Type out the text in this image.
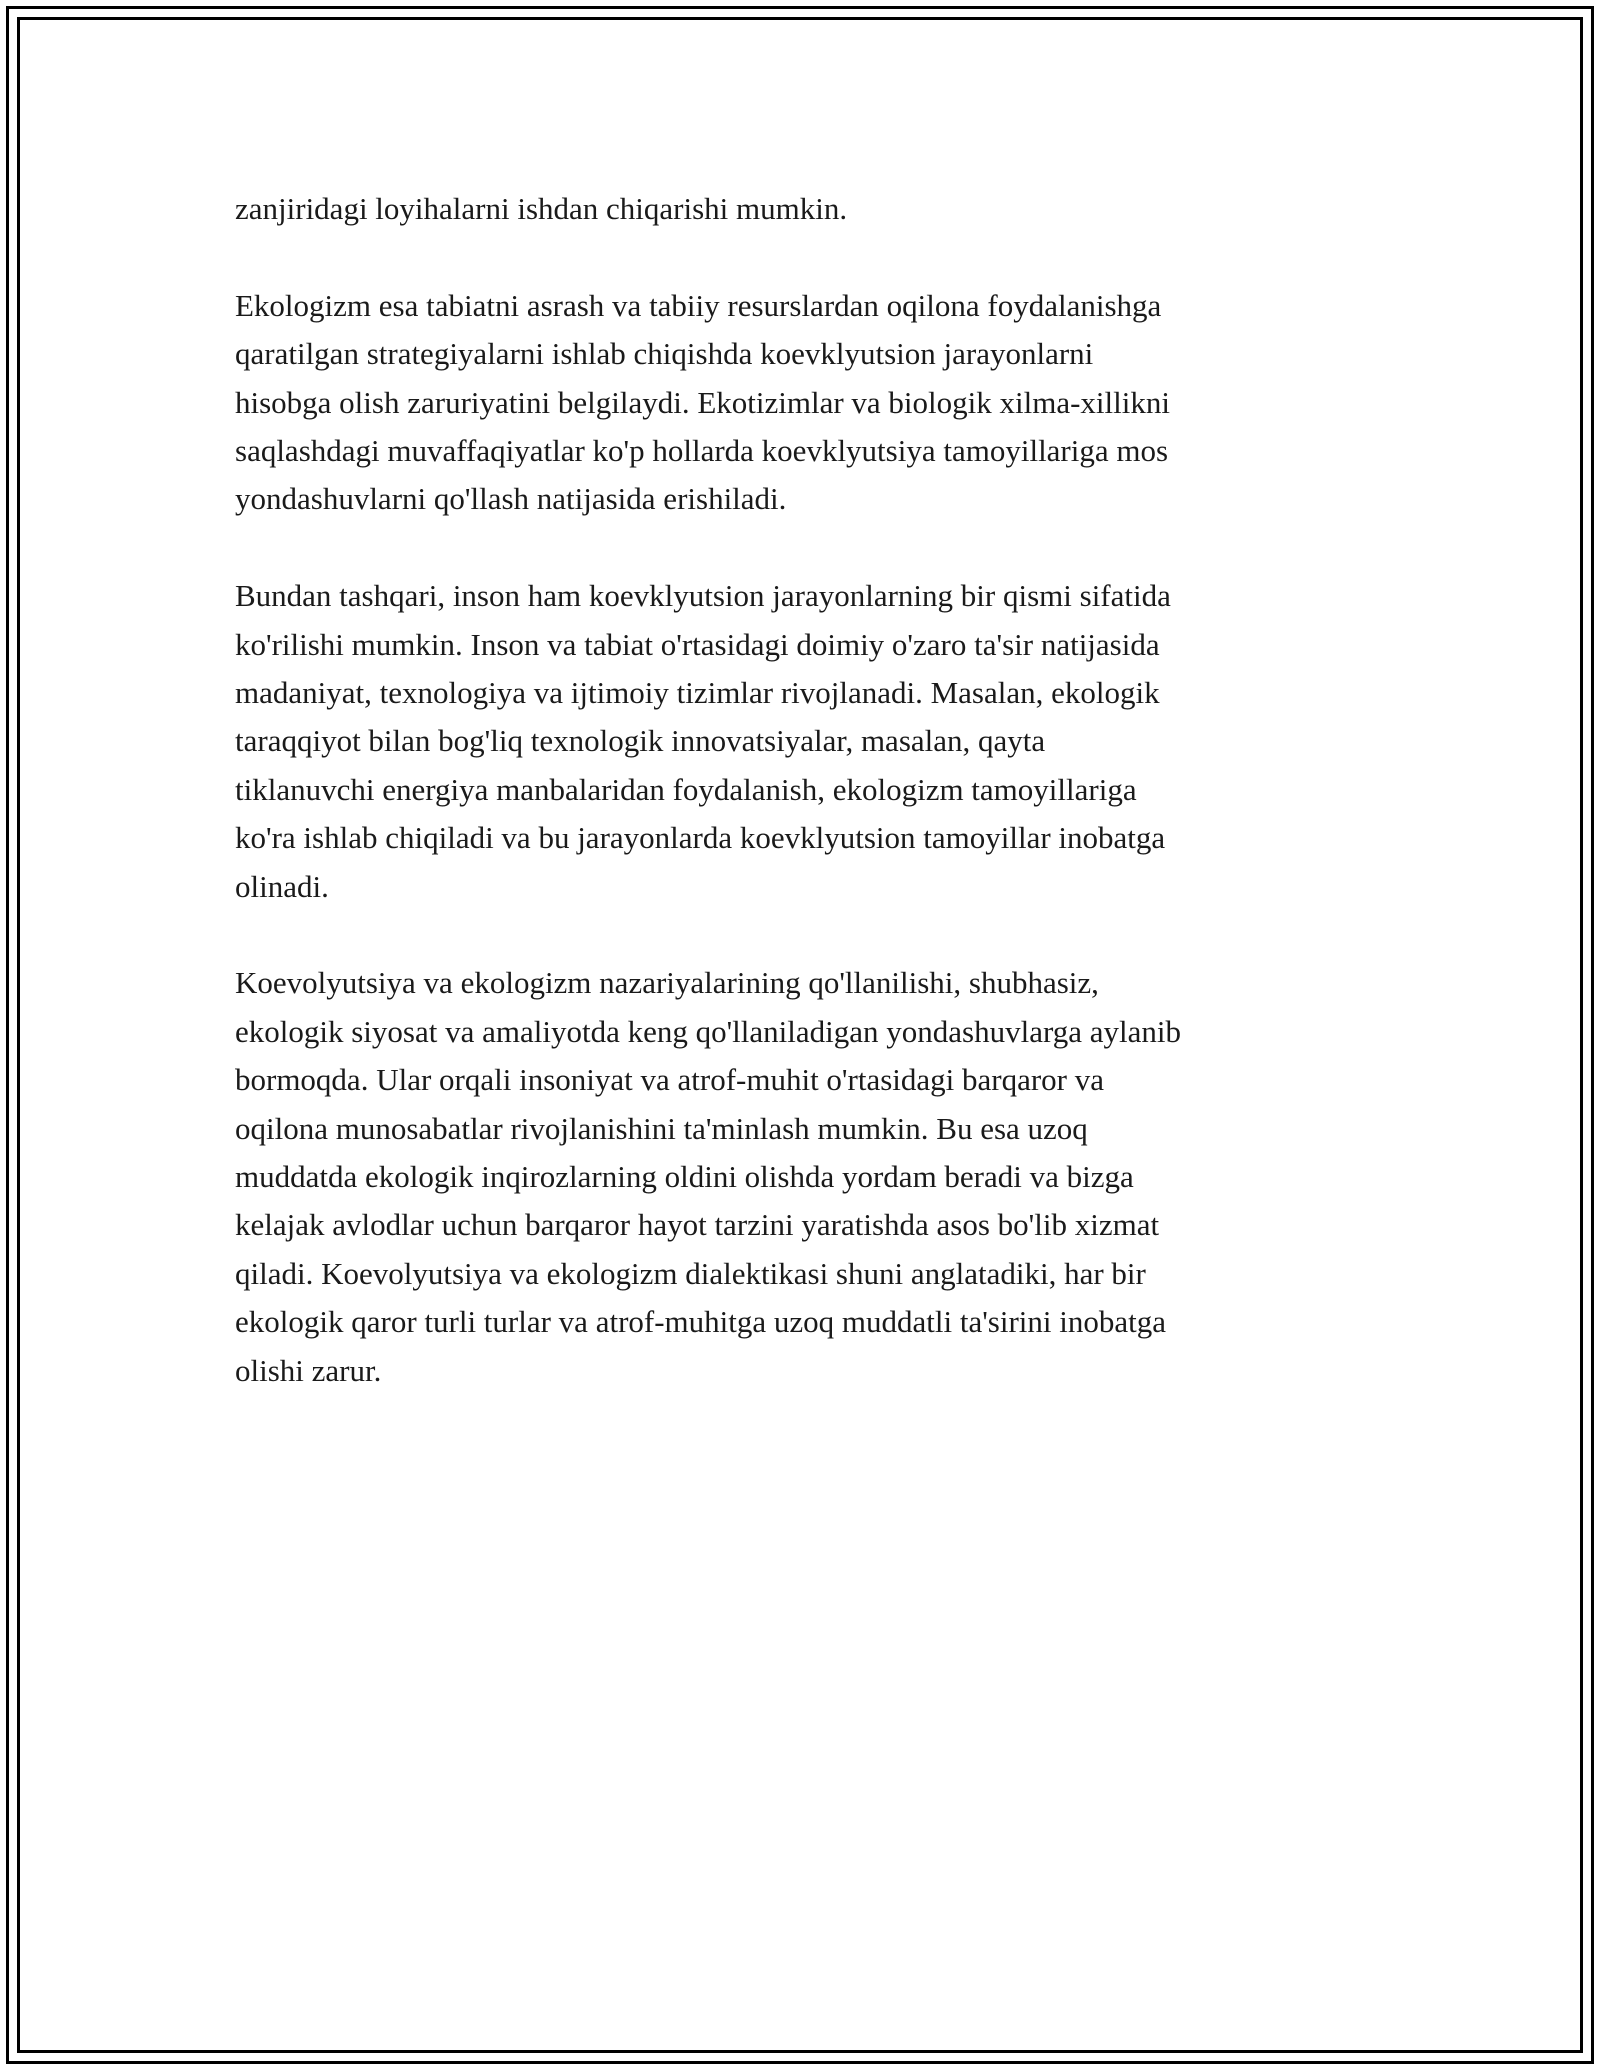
zanjiridagi loyihalarni ishdan chiqarishi mumkin.

Ekologizm esa tabiatni asrash va tabiiy resurslardan oqilona foydalanishga
qaratilgan strategiyalarni ishlab chiqishda koevklyutsion jarayonlarni
hisobga olish zaruriyatini belgilaydi. Ekotizimlar va biologik xilma-xillikni
saqlashdagi muvaffaqiyatlar ko'p hollarda koevklyutsiya tamoyillariga mos
yondashuvlarni qo'llash natijasida erishiladi.

Bundan tashqari, inson ham koevklyutsion jarayonlarning bir qismi sifatida
ko'rilishi mumkin. Inson va tabiat o'rtasidagi doimiy o'zaro ta'sir natijasida
madaniyat, texnologiya va ijtimoiy tizimlar rivojlanadi. Masalan, ekologik
taraqqiyot bilan bog'liq texnologik innovatsiyalar, masalan, qayta
tiklanuvchi energiya manbalaridan foydalanish, ekologizm tamoyillariga
ko'ra ishlab chiqiladi va bu jarayonlarda koevklyutsion tamoyillar inobatga
olinadi.

Koevolyutsiya va ekologizm nazariyalarining qo'llanilishi, shubhasiz,
ekologik siyosat va amaliyotda keng qo'llaniladigan yondashuvlarga aylanib
bormoqda. Ular orqali insoniyat va atrof-muhit o'rtasidagi barqaror va
oqilona munosabatlar rivojlanishini ta'minlash mumkin. Bu esa uzoq
muddatda ekologik inqirozlarning oldini olishda yordam beradi va bizga
kelajak avlodlar uchun barqaror hayot tarzini yaratishda asos bo'lib xizmat
qiladi. Koevolyutsiya va ekologizm dialektikasi shuni anglatadiki, har bir
ekologik qaror turli turlar va atrof-muhitga uzoq muddatli ta'sirini inobatga
olishi zarur.
